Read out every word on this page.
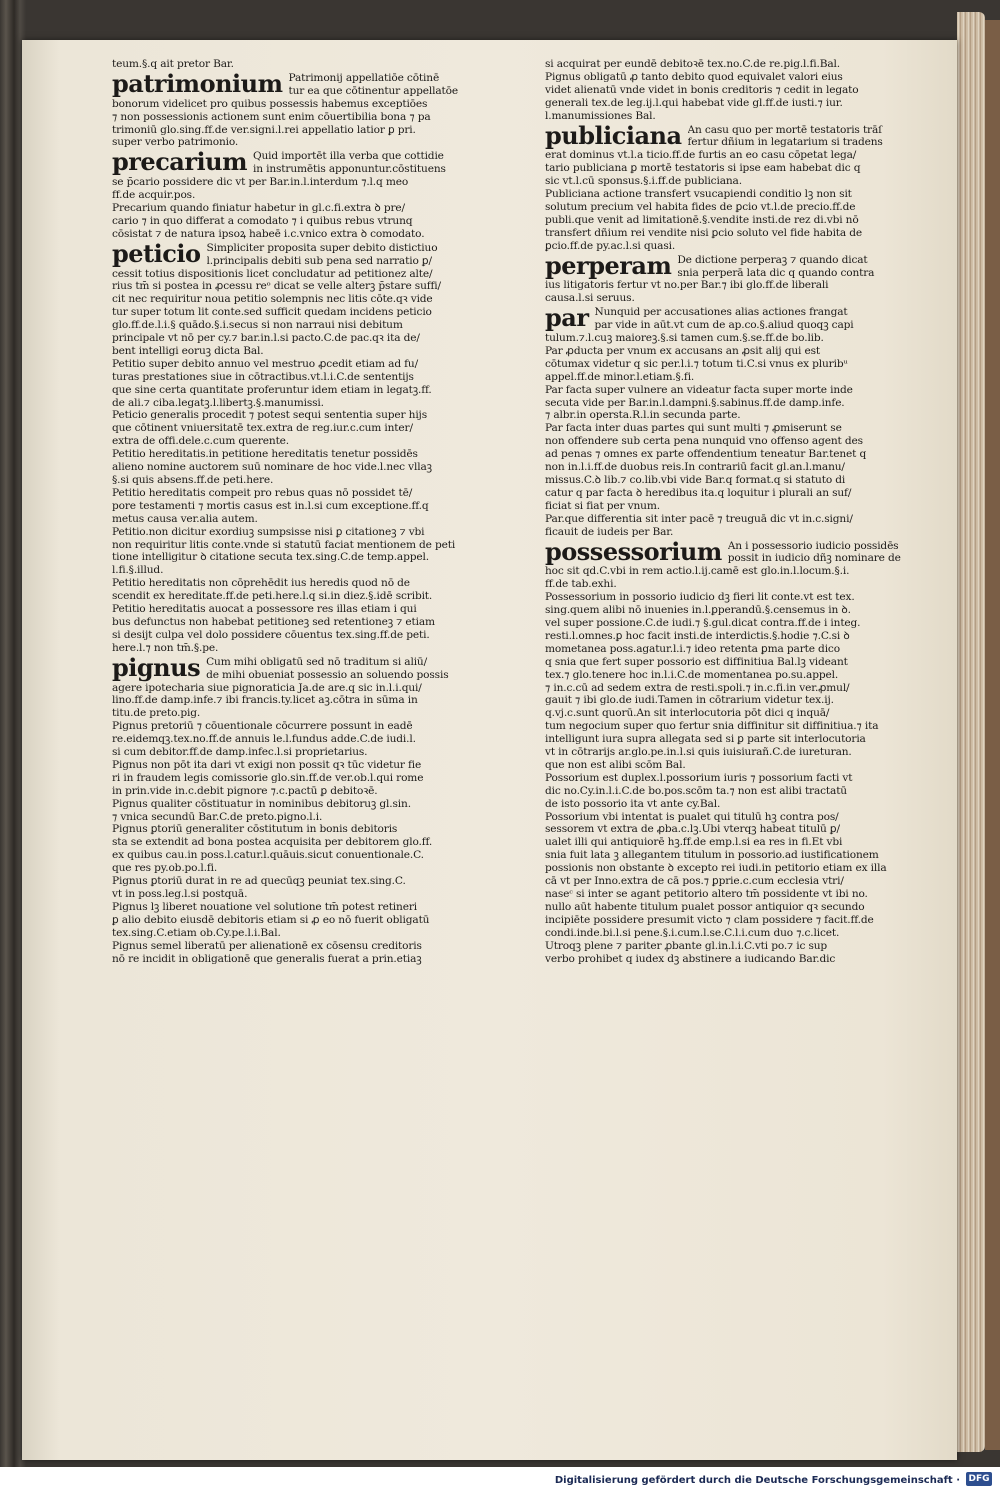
teum.§.q ait pretor Bar.
patrimonium Patrimonij appellatiōe cōtinē
tur ea que cōtinentur appellatōe
bonorum videlicet pro quibus possessis habemus exceptiōes
⁊ non possessionis actionem sunt enim cōuertibilia bona ⁊ pa
trimoniū glo.sing.ff.de ver.signi.l.rei appellatio latior ꝑ pri.
super verbo patrimonio.
precarium Quid importēt illa verba que cottidie
in instrumētis apponuntur.cōstituens
se p̄cario possidere dic vt per Bar.in.l.interdum ⁊.l.q meo
ff.de acquir.pos.
Precarium quando finiatur habetur in gl.c.fi.extra ꝺ pre/
cario ⁊ in quo differat a comodato ⁊ i quibus rebus vtrunq
cōsistat ⁊ de natura ipsoꝝ habeē i.c.vnico extra ꝺ comodato.
peticio Simpliciter proposita super debito distictiuo
l.principalis debiti sub pena sed narratio ꝑ/
cessit totius dispositionis licet concludatur ad petitionez alte/
rius tm̄ si postea in ꝓcessu reᵒ dicat se velle alterꝫ p̄stare suffi/
cit nec requiritur noua petitio solempnis nec litis cōte.qꝛ vide
tur super totum lit conte.sed sufficit quedam incidens peticio
glo.ff.de.l.i.§ quādo.§.i.secus si non narraui nisi debitum
principale vt nō per cy.⁊ bar.in.l.si pacto.C.de pac.qꝛ ita de/
bent intelligi eoruꝫ dicta Bal.
Petitio super debito annuo vel mestruo ꝓcedit etiam ad fu/
turas prestationes siue in cōtractibus.vt.l.i.C.de sententijs
que sine certa quantitate proferuntur idem etiam in legatꝫ.ff.
de ali.⁊ ciba.legatꝫ.l.libertꝫ.§.manumissi.
Peticio generalis procedit ⁊ potest sequi sententia super hijs
que cōtinent vniuersitatē tex.extra de reg.iur.c.cum inter/
extra de offi.dele.c.cum querente.
Petitio hereditatis.in petitione hereditatis tenetur possidēs
alieno nomine auctorem suū nominare de hoc vide.l.nec vllaꝫ
§.si quis absens.ff.de peti.here.
Petitio hereditatis compeit pro rebus quas nō possidet tē/
pore testamenti ⁊ mortis casus est in.l.si cum exceptione.ff.q
metus causa ver.alia autem.
Petitio.non dicitur exordiuꝫ sumpsisse nisi ꝑ citationeꝫ ⁊ vbi
non requiritur litis conte.vnde si statutū faciat mentionem de peti
tione intelligitur ꝺ citatione secuta tex.sing.C.de temp.appel.
l.fi.§.illud.
Petitio hereditatis non cōprehēdit ius heredis quod nō de
scendit ex hereditate.ff.de peti.here.l.q si.in diez.§.idē scribit.
Petitio hereditatis auocat a possessore res illas etiam i qui
bus defunctus non habebat petitioneꝫ sed retentioneꝫ ⁊ etiam
si desijt culpa vel dolo possidere cōuentus tex.sing.ff.de peti.
here.l.⁊ non tm̄.§.pe.
pignus Cum mihi obligatū sed nō traditum si aliū/
de mihi obueniat possessio an soluendo possis
agere ipotecharia siue pignoraticia Ja.de are.q sic in.l.i.qui/
lino.ff.de damp.infe.⁊ ibi francis.ty.licet aꝫ.cōtra in sūma in
titu.de preto.pig.
Pignus pretoriū ⁊ cōuentionale cōcurrere possunt in eadē
re.eidemqꝫ.tex.no.ff.de annuis le.l.fundus adde.C.de iudi.l.
si cum debitor.ff.de damp.infec.l.si proprietarius.
Pignus non pōt ita dari vt exigi non possit qꝛ tūc videtur fie
ri in fraudem legis comissorie glo.sin.ff.de ver.ob.l.qui rome
in prin.vide in.c.debit pignore ⁊.c.pactū ꝑ debitoꝛē.
Pignus qualiter cōstituatur in nominibus debitoruꝫ gl.sin.
⁊ vnica secundū Bar.C.de preto.pigno.l.i.
Pignus ꝑtoriū generaliter cōstitutum in bonis debitoris
sta se extendit ad bona postea acquisita per debitorem glo.ff.
ex quibus cau.in poss.l.catur.l.quāuis.sicut conuentionale.C.
que res py.ob.po.l.fi.
Pignus ꝑtoriū durat in re ad quecūqꝫ peuniat tex.sing.C.
vt in poss.leg.l.si postquā.
Pignus lꝫ liberet nouatione vel solutione tm̄ potest retineri
ꝑ alio debito eiusdē debitoris etiam si ꝓ eo nō fuerit obligatū
tex.sing.C.etiam ob.Cy.pe.l.i.Bal.
Pignus semel liberatū per alienationē ex cōsensu creditoris
nō re incidit in obligationē que generalis fuerat a prin.etiaꝫ
si acquirat per eundē debitoꝛē tex.no.C.de re.pig.l.fi.Bal.
Pignus obligatū ꝓ tanto debito quod equivalet valori eius
videt alienatū vnde videt in bonis creditoris ⁊ cedit in legato
generali tex.de leg.ij.l.qui habebat vide gl.ff.de iusti.⁊ iur.
l.manumissiones Bal.
publiciana An casu quo per mortē testatoris trāſ
fertur dñium in legatarium si tradens
erat dominus vt.l.a ticio.ff.de furtis an eo casu cōpetat lega/
tario publiciana ꝑ mortē testatoris si ipse eam habebat dic q
sic vt.l.cū sponsus.§.i.ff.de publiciana.
Publiciana actione transfert vsucapiendi conditio lꝫ non sit
solutum precium vel habita fides de ꝑcio vt.l.de precio.ff.de
publi.que venit ad limitationē.§.vendite insti.de rez di.vbi nō
transfert dñium rei vendite nisi ꝑcio soluto vel fide habita de
ꝑcio.ff.de py.ac.l.si quasi.
perperam De dictione perperaꝫ ⁊ quando dicat
snia perperā lata dic q quando contra
ius litigatoris fertur vt no.per Bar.⁊ ibi glo.ff.de liberali
causa.l.si seruus.
par Nunquid per accusationes alias actiones frangat
par vide in aūt.vt cum de ap.co.§.aliud quoqꝫ capi
tulum.⁊.l.cuꝫ maioreꝫ.§.si tamen cum.§.se.ff.de bo.lib.
Par ꝓducta per vnum ex accusans an ꝓsit alij qui est
cōtumax videtur q sic per.l.i.⁊ totum ti.C.si vnus ex pluribᵘ
appel.ff.de minor.l.etiam.§.fi.
Par facta super vulnere an videatur facta super morte inde
secuta vide per Bar.in.l.dampni.§.sabinus.ff.de damp.infe.
⁊ albr.in opersta.R.l.in secunda parte.
Par facta inter duas partes qui sunt multi ⁊ ꝓmiserunt se
non offendere sub certa pena nunquid vno offenso agent des
ad penas ⁊ omnes ex parte offendentium teneatur Bar.tenet q
non in.l.i.ff.de duobus reis.In contrariū facit gl.an.l.manu/
missus.C.ꝺ lib.⁊ co.lib.vbi vide Bar.q format.q si statuto di
catur q par facta ꝺ heredibus ita.q loquitur i plurali an suf/
ficiat si fiat per vnum.
Par.que differentia sit inter pacē ⁊ treuguā dic vt in.c.signi/
ficauit de iudeis per Bar.
possessorium An i possessorio iudicio possidēs
possit in iudicio dñꝫ nominare de
hoc sit qd.C.vbi in rem actio.l.ij.camē est glo.in.l.locum.§.i.
ff.de tab.exhi.
Possessorium in possorio iudicio dꝫ fieri lit conte.vt est tex.
sing.quem alibi nō inuenies in.l.ꝑperandū.§.censemus in ꝺ.
vel super possione.C.de iudi.⁊ §.gul.dicat contra.ff.de i integ.
resti.l.omnes.ꝑ hoc facit insti.de interdictis.§.hodie ⁊.C.si ꝺ
mometanea poss.agatur.l.i.⁊ ideo retenta ꝑma parte dico
q snia que fert super possorio est diffinitiua Bal.lꝫ videant
tex.⁊ glo.tenere hoc in.l.i.C.de momentanea po.su.appel.
⁊ in.c.cū ad sedem extra de resti.spoli.⁊ in.c.fi.in ver.ꝓmul/
gauit ⁊ ibi glo.de iudi.Tamen in cōtrarium videtur tex.ij.
q.vj.c.sunt quorū.An sit interlocutoria pōt dici q inquā/
tum negocium super quo fertur snia diffinitur sit diffinitiua.⁊ ita
intelligunt iura supra allegata sed si ꝑ parte sit interlocutoria
vt in cōtrarijs ar.glo.pe.in.l.si quis iuisiurañ.C.de iureturan.
que non est alibi scōm Bal.
Possorium est duplex.l.possorium iuris ⁊ possorium facti vt
dic no.Cy.in.l.i.C.de bo.pos.scōm ta.⁊ non est alibi tractatū
de isto possorio ita vt ante cy.Bal.
Possorium vbi intentat is pualet qui titulū hꝫ contra pos/
sessorem vt extra de ꝓba.c.lꝫ.Ubi vterqꝫ habeat titulū ꝑ/
ualet illi qui antiquiorē hꝫ.ff.de emp.l.si ea res in fi.Et vbi
snia fuit lata ꝫ allegantem titulum in possorio.ad iustificationem
possionis non obstante ꝺ excepto rei iudi.in petitorio etiam ex illa
cā vt per Inno.extra de cā pos.⁊ ꝑprie.c.cum ecclesia vtri/
naseᶜ si inter se agant petitorio altero tm̄ possidente vt ibi no.
nullo aūt habente titulum pualet possor antiquior qꝛ secundo
incipiēte possidere presumit victo ⁊ clam possidere ⁊ facit.ff.de
condi.inde.bi.l.si pene.§.i.cum.l.se.C.l.i.cum duo ⁊.c.licet.
Utroqꝫ plene ⁊ pariter ꝓbante gl.in.l.i.C.vti po.⁊ ic sup
verbo prohibet q iudex dꝫ abstinere a iudicando Bar.dic
Digitalisierung gefördert durch die Deutsche Forschungsgemeinschaft · DFG
